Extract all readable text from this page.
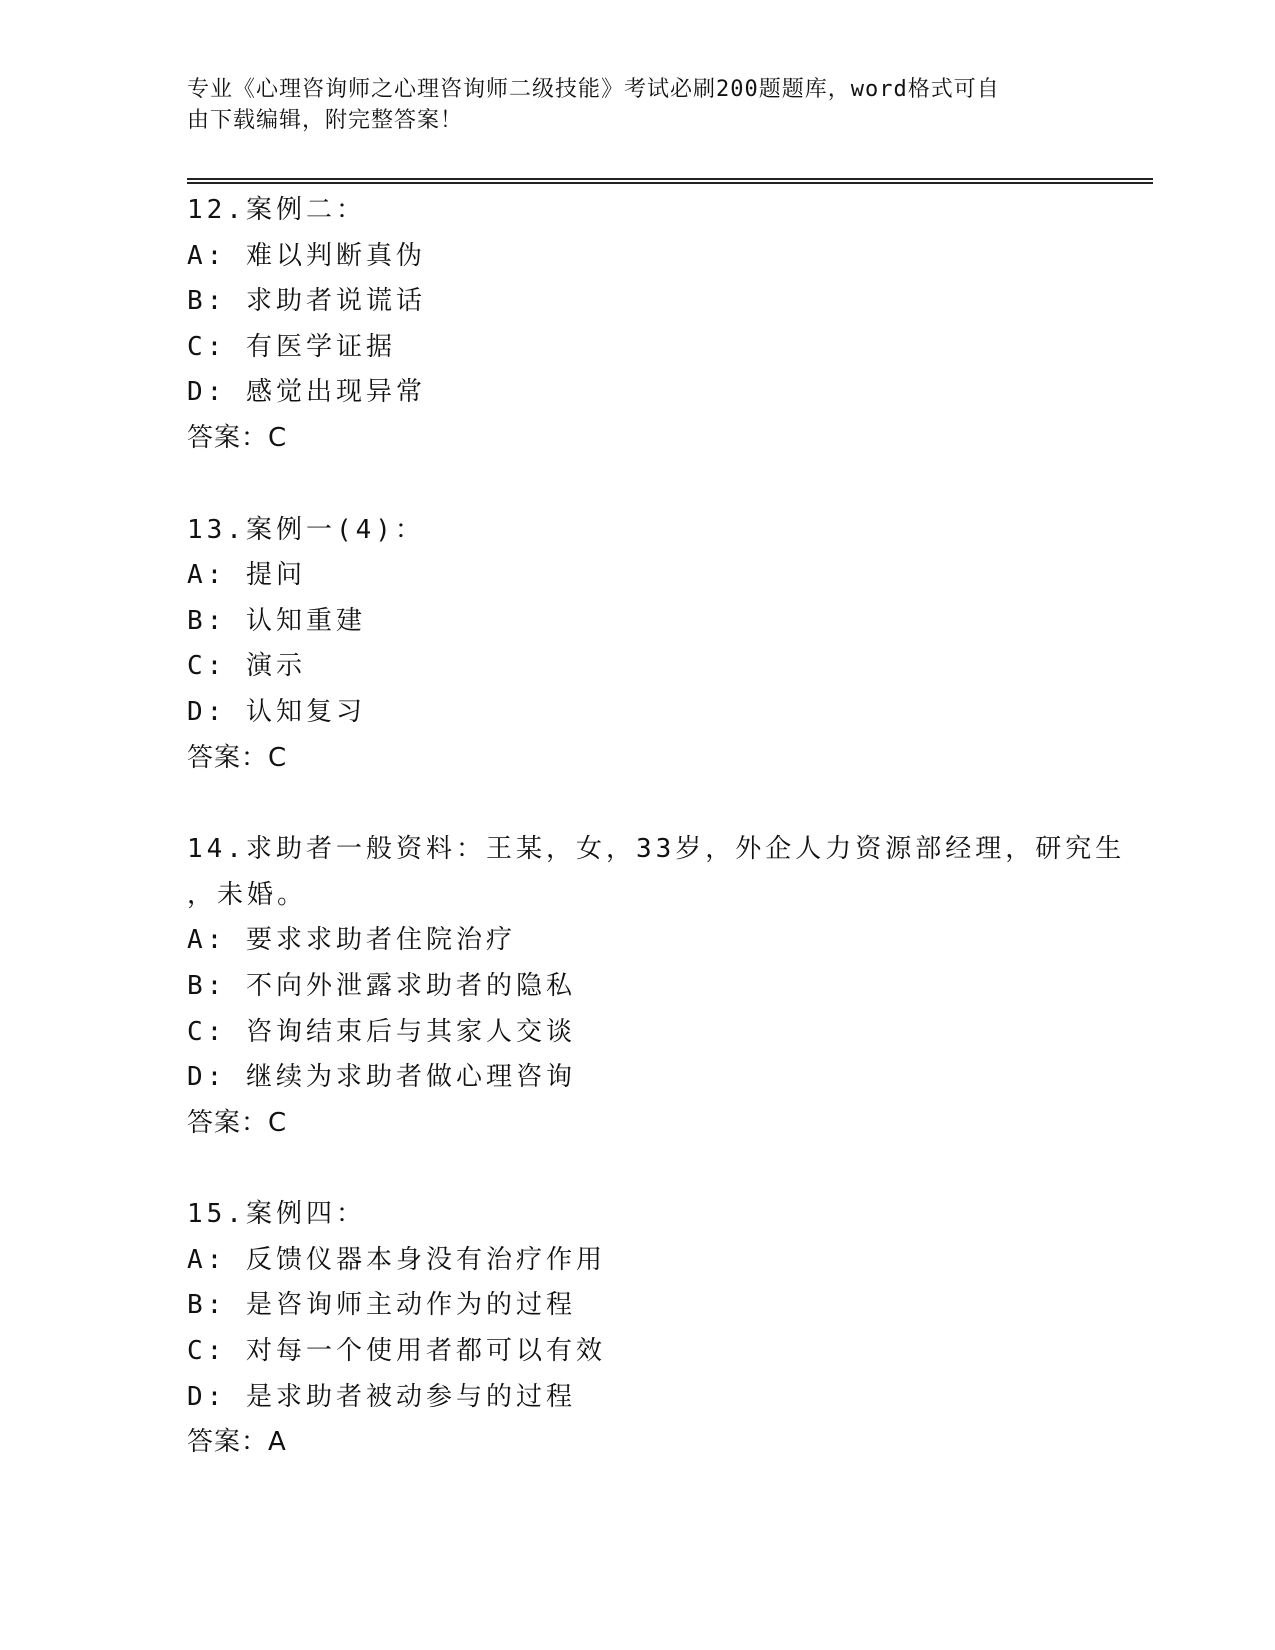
专业《心理咨询师之心理咨询师二级技能》考试必刷200题题库，word格式可自

由下载编辑，附完整答案！

12.案例二：
A: 难以判断真伪
B: 求助者说谎话
C: 有医学证据
D: 感觉出现异常
答案：C
13.案例一(4)：
A: 提问
B: 认知重建
C: 演示
D: 认知复习
答案：C
14.求助者一般资料：王某，女，33岁，外企人力资源部经理，研究生
，未婚。
A: 要求求助者住院治疗
B: 不向外泄露求助者的隐私
C: 咨询结束后与其家人交谈
D: 继续为求助者做心理咨询
答案：C
15.案例四：
A: 反馈仪器本身没有治疗作用
B: 是咨询师主动作为的过程
C: 对每一个使用者都可以有效
D: 是求助者被动参与的过程
答案：A
